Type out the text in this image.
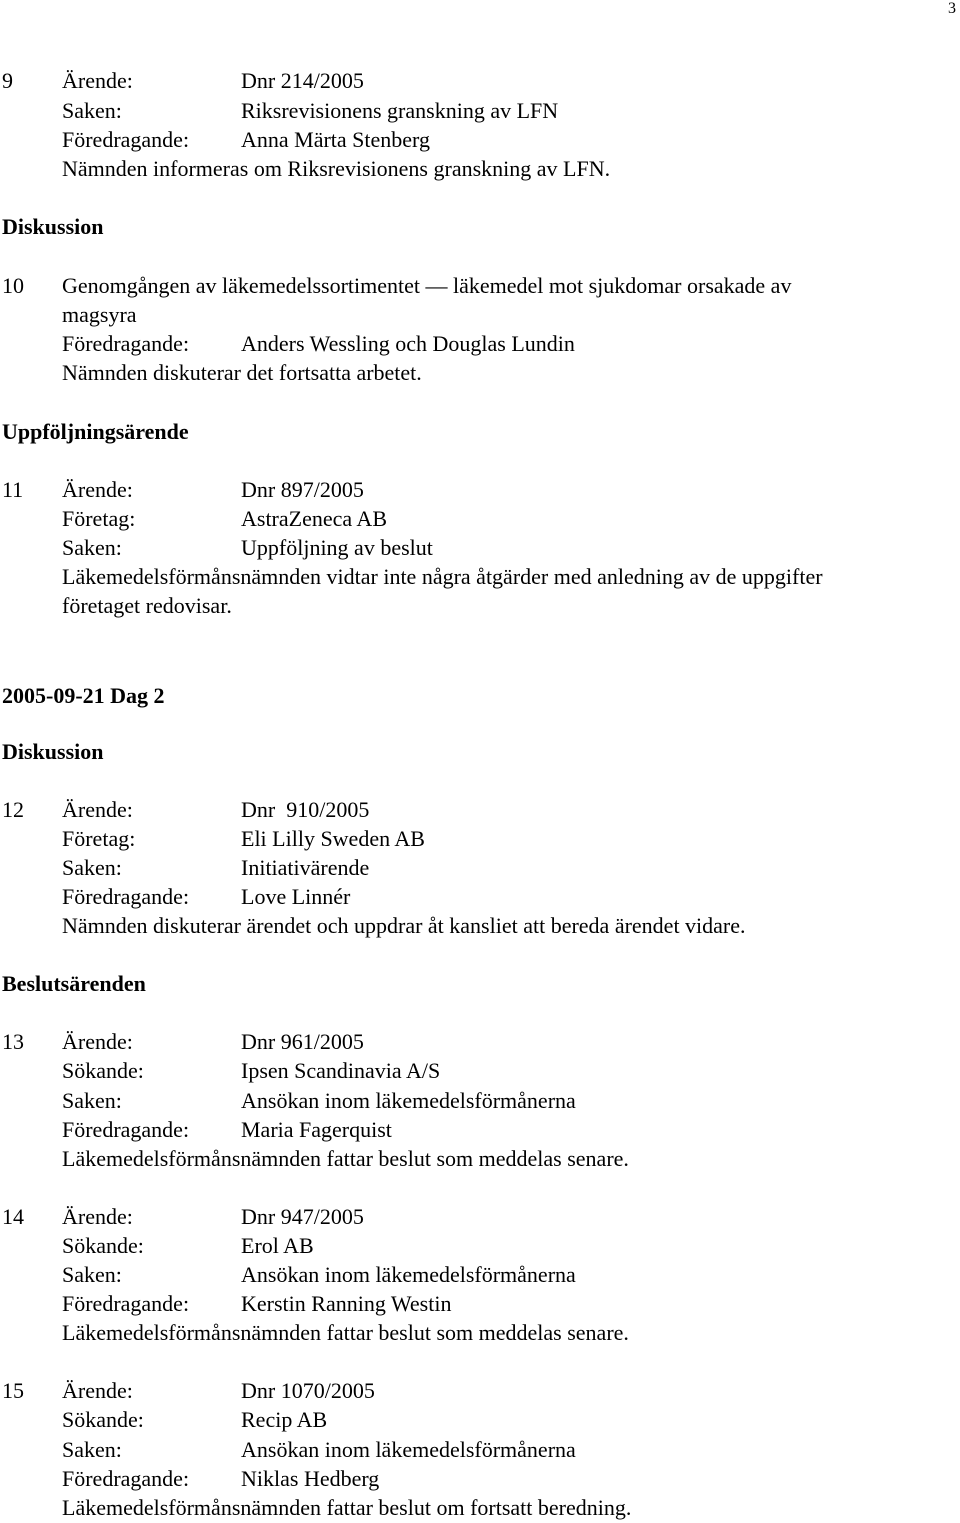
3
9 Ärende:	Dnr 214/2005
Saken:	Riksrevisionens granskning av LFN
Föredragande: Anna Märta Stenberg
Nämnden informeras om Riksrevisionens granskning av LFN.
Diskussion
10 Genomgången av läkemedelssortimentet — läkemedel mot sjukdomar orsakade av
magsyra
Föredragande: Anders Wessling och Douglas Lundin
Nämnden diskuterar det fortsatta arbetet.
Uppföljningsärende
11 Ärende:	Dnr 897/2005
Företag:	AstraZeneca AB
Saken:	Uppföljning av beslut
Läkemedelsförmånsnämnden vidtar inte några åtgärder med anledning av de uppgifter
företaget redovisar.
2005-09-21 Dag 2
Diskussion
12 Ärende:	Dnr  910/2005
Företag:	Eli Lilly Sweden AB
Saken:	Initiativärende
Föredragande: Love Linnér
Nämnden diskuterar ärendet och uppdrar åt kansliet att bereda ärendet vidare.
Beslutsärenden
13 Ärende:	Dnr 961/2005
Sökande:	Ipsen Scandinavia A/S
Saken:	Ansökan inom läkemedelsförmånerna
Föredragande: Maria Fagerquist
Läkemedelsförmånsnämnden fattar beslut som meddelas senare.
14 Ärende:	Dnr 947/2005
Sökande:	Erol AB
Saken:	Ansökan inom läkemedelsförmånerna
Föredragande: Kerstin Ranning Westin
Läkemedelsförmånsnämnden fattar beslut som meddelas senare.
15 Ärende:	Dnr 1070/2005
Sökande:	Recip AB
Saken:	Ansökan inom läkemedelsförmånerna
Föredragande: Niklas Hedberg
Läkemedelsförmånsnämnden fattar beslut om fortsatt beredning.
